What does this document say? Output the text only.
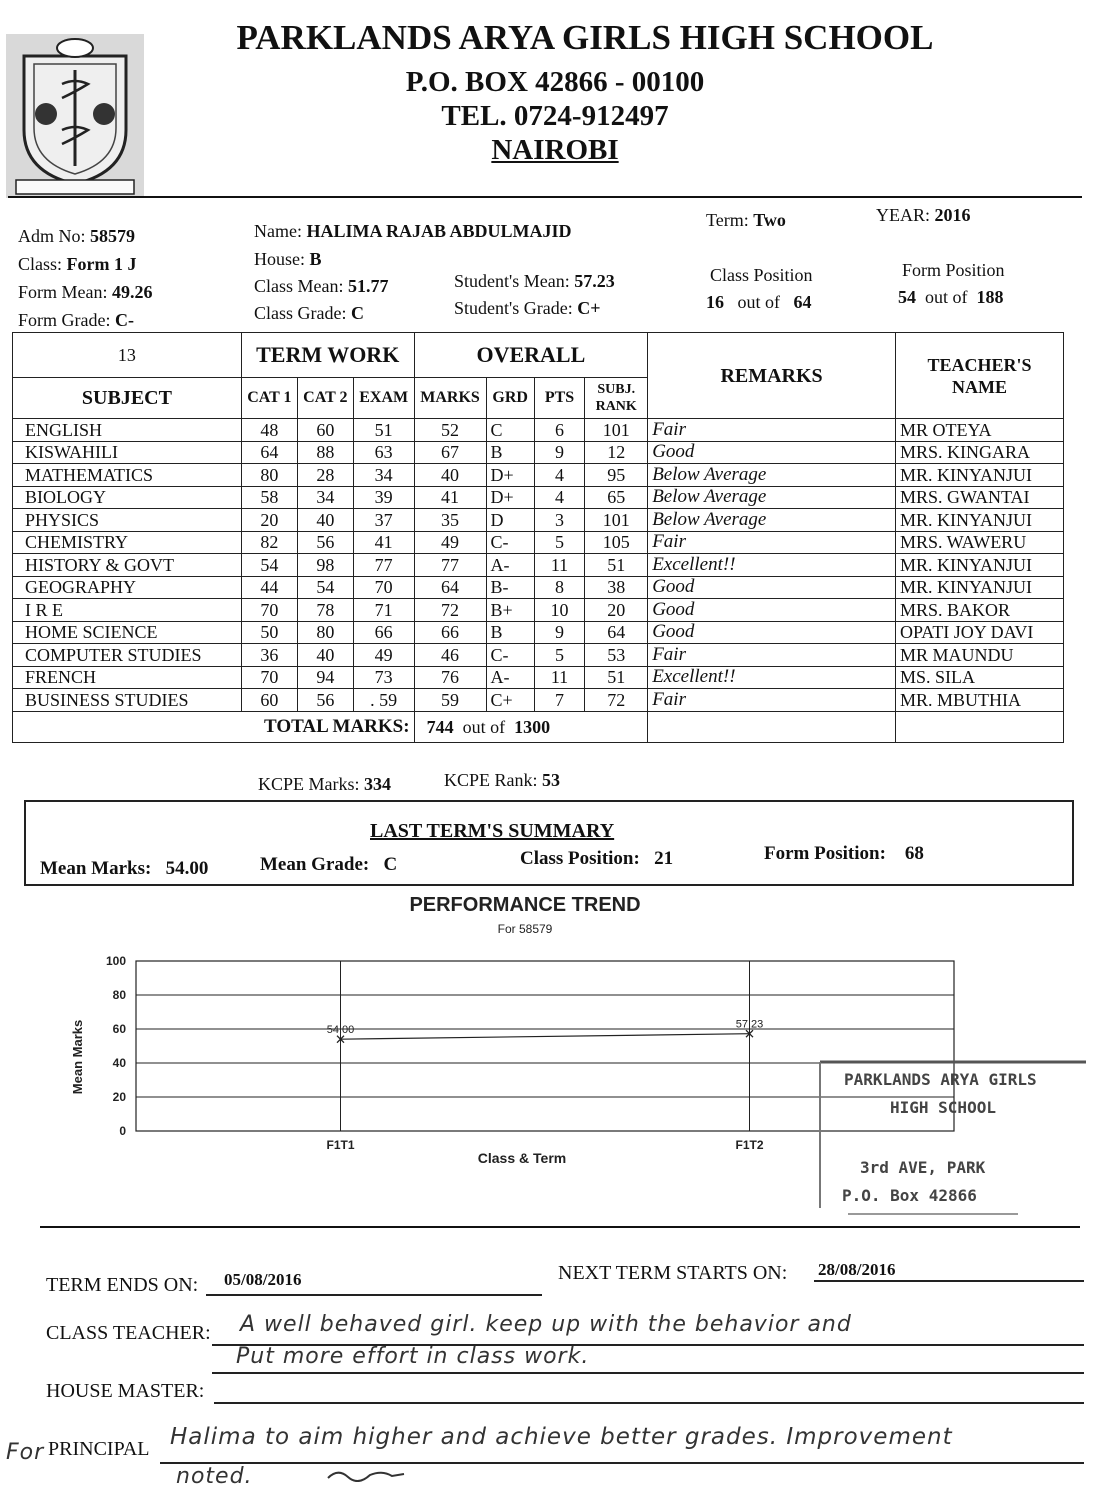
PARKLANDS ARYA GIRLS HIGH SCHOOL
P.O. BOX 42866 - 00100
TEL. 0724-912497
NAIROBI
Adm No: 58579
Class: Form 1 J
Form Mean: 49.26
Form Grade: C-
Name: HALIMA RAJAB ABDULMAJID
House: B
Class Mean: 51.77
Class Grade: C
Term: Two	YEAR: 2016
Student's Mean: 57.23
Student's Grade: C+
Class Position
16 out of 64
Form Position
54 out of 188
13	TERM WORK			OVERALL				REMARKS	TEACHER'S
NAME
SUBJECT	CAT 1	CAT 2	EXAM	MARKS	GRD	PTS	SUBJ.
RANK		
ENGLISH	48	60	51	52	C	6	101	Fair	MR OTEYA
KISWAHILI	64	88	63	67	B	9	12	Good	MRS. KINGARA
MATHEMATICS	80	28	34	40	D+	4	95	Below Average	MR. KINYANJUI
BIOLOGY	58	34	39	41	D+	4	65	Below Average	MRS. GWANTAI
PHYSICS	20	40	37	35	D	3	101	Below Average	MR. KINYANJUI
CHEMISTRY	82	56	41	49	C-	5	105	Fair	MRS. WAWERU
HISTORY & GOVT	54	98	77	77	A-	11	51	Excellent!!	MR. KINYANJUI
GEOGRAPHY	44	54	70	64	B-	8	38	Good	MR. KINYANJUI
I R E	70	78	71	72	B+	10	20	Good	MRS. BAKOR
HOME SCIENCE	50	80	66	66	B	9	64	Good	OPATI JOY DAVI
COMPUTER STUDIES	36	40	49	46	C-	5	53	Fair	MR MAUNDU
FRENCH	70	94	73	76	A-	11	51	Excellent!!	MS. SILA
BUSINESS STUDIES	60	56	. 59	59	C+	7	72	Fair	MR. MBUTHIA
TOTAL MARKS:				744 out of 1300					
KCPE Marks: 334	KCPE Rank: 53
LAST TERM'S SUMMARY
Mean Marks: 54.00	Mean Grade: C	Class Position: 21	Form Position: 68
PERFORMANCE TREND
For 58579
Mean Marks
Class & Term
0
20
40
60
80
100
F1T1	F1T2
54.00	57.23
PARKLANDS ARYA GIRLS
HIGH SCHOOL
3rd AVE, PARK
P.O. Box 42866
TERM ENDS ON: 05/08/2016	NEXT TERM STARTS ON: 28/08/2016
CLASS TEACHER: A well behaved girl. keep up with the behavior and
Put more effort in class work.
HOUSE MASTER:
For PRINCIPAL Halima to aim higher and achieve better grades. Improvement
noted.
